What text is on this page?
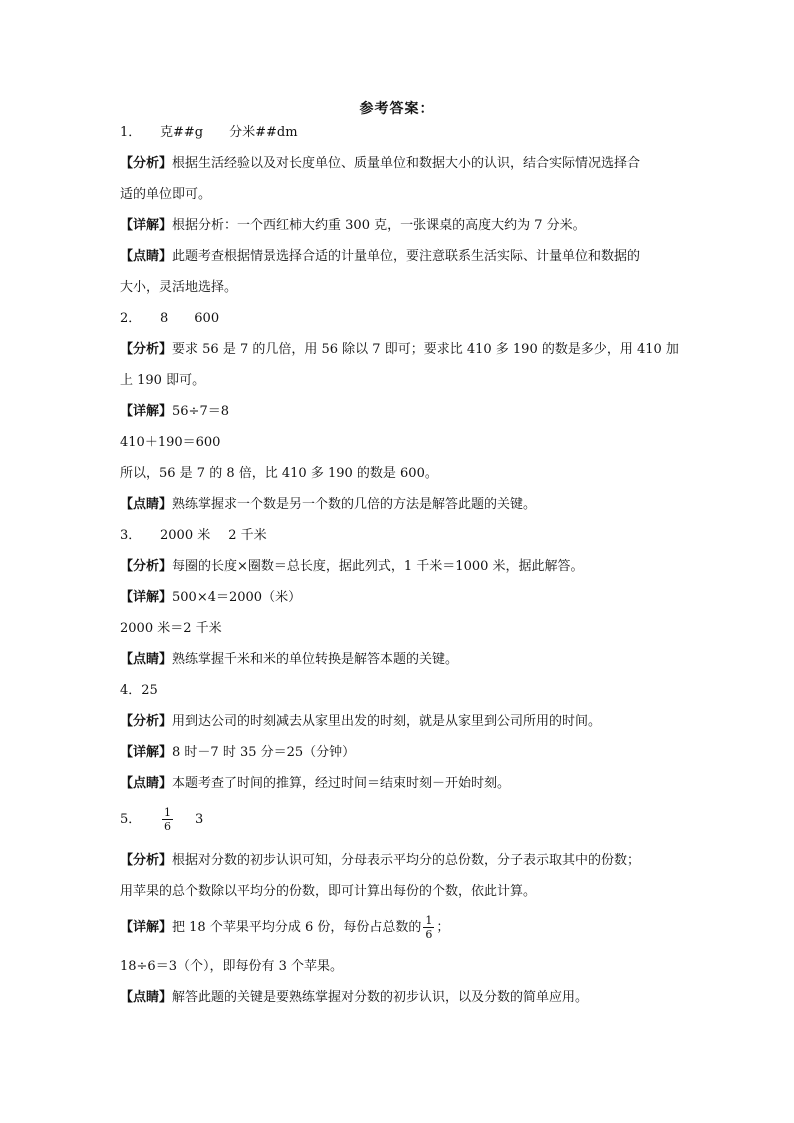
参考答案：
1． 克##g 分米##dm
【分析】根据生活经验以及对长度单位、质量单位和数据大小的认识，结合实际情况选择合
适的单位即可。
【详解】根据分析：一个西红柿大约重 300 克，一张课桌的高度大约为 7 分米。
【点睛】此题考查根据情景选择合适的计量单位，要注意联系生活实际、计量单位和数据的
大小，灵活地选择。
2． 8 600
【分析】要求 56 是 7 的几倍，用 56 除以 7 即可；要求比 410 多 190 的数是多少，用 410 加
上 190 即可。
【详解】56÷7＝8
410＋190＝600
所以，56 是 7 的 8 倍，比 410 多 190 的数是 600。
【点睛】熟练掌握求一个数是另一个数的几倍的方法是解答此题的关键。
3． 2000 米 2 千米
【分析】每圈的长度×圈数＝总长度，据此列式，1 千米＝1000 米，据此解答。
【详解】500×4＝2000（米）
2000 米＝2 千米
【点睛】熟练掌握千米和米的单位转换是解答本题的关键。
4．25
【分析】用到达公司的时刻减去从家里出发的时刻，就是从家里到公司所用的时间。
【详解】8 时－7 时 35 分＝25（分钟）
【点睛】本题考查了时间的推算，经过时间＝结束时刻－开始时刻。
5． $\frac{1}{6} 3$
【分析】根据对分数的初步认识可知，分母表示平均分的总份数，分子表示取其中的份数；
用苹果的总个数除以平均分的份数，即可计算出每份的个数，依此计算。
【详解】把 18 个苹果平均分成 6 份，每份占总数的 $\frac{1}{6}$ ；
18÷6＝3（个），即每份有 3 个苹果。
【点睛】解答此题的关键是要熟练掌握对分数的初步认识，以及分数的简单应用。
